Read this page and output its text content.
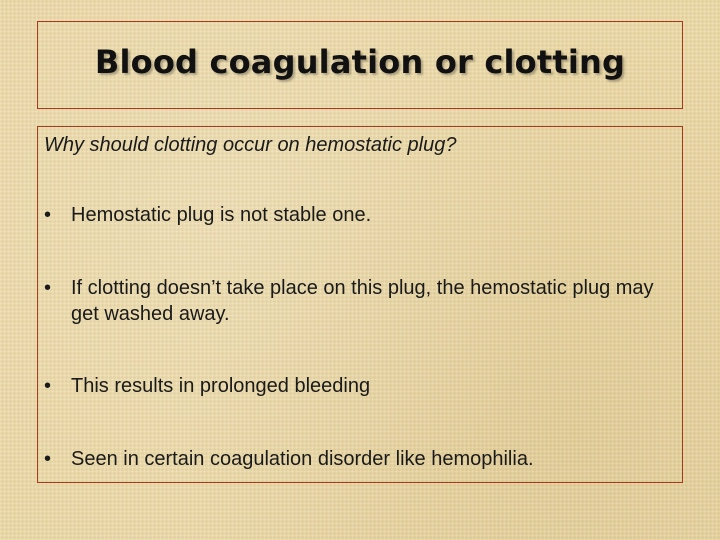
Blood coagulation or clotting
Why should clotting occur on hemostatic plug?
• Hemostatic plug is not stable one.
• If clotting doesn’t take place on this plug, the hemostatic plug may get washed away.
• This results in prolonged bleeding
• Seen in certain coagulation disorder like hemophilia.
